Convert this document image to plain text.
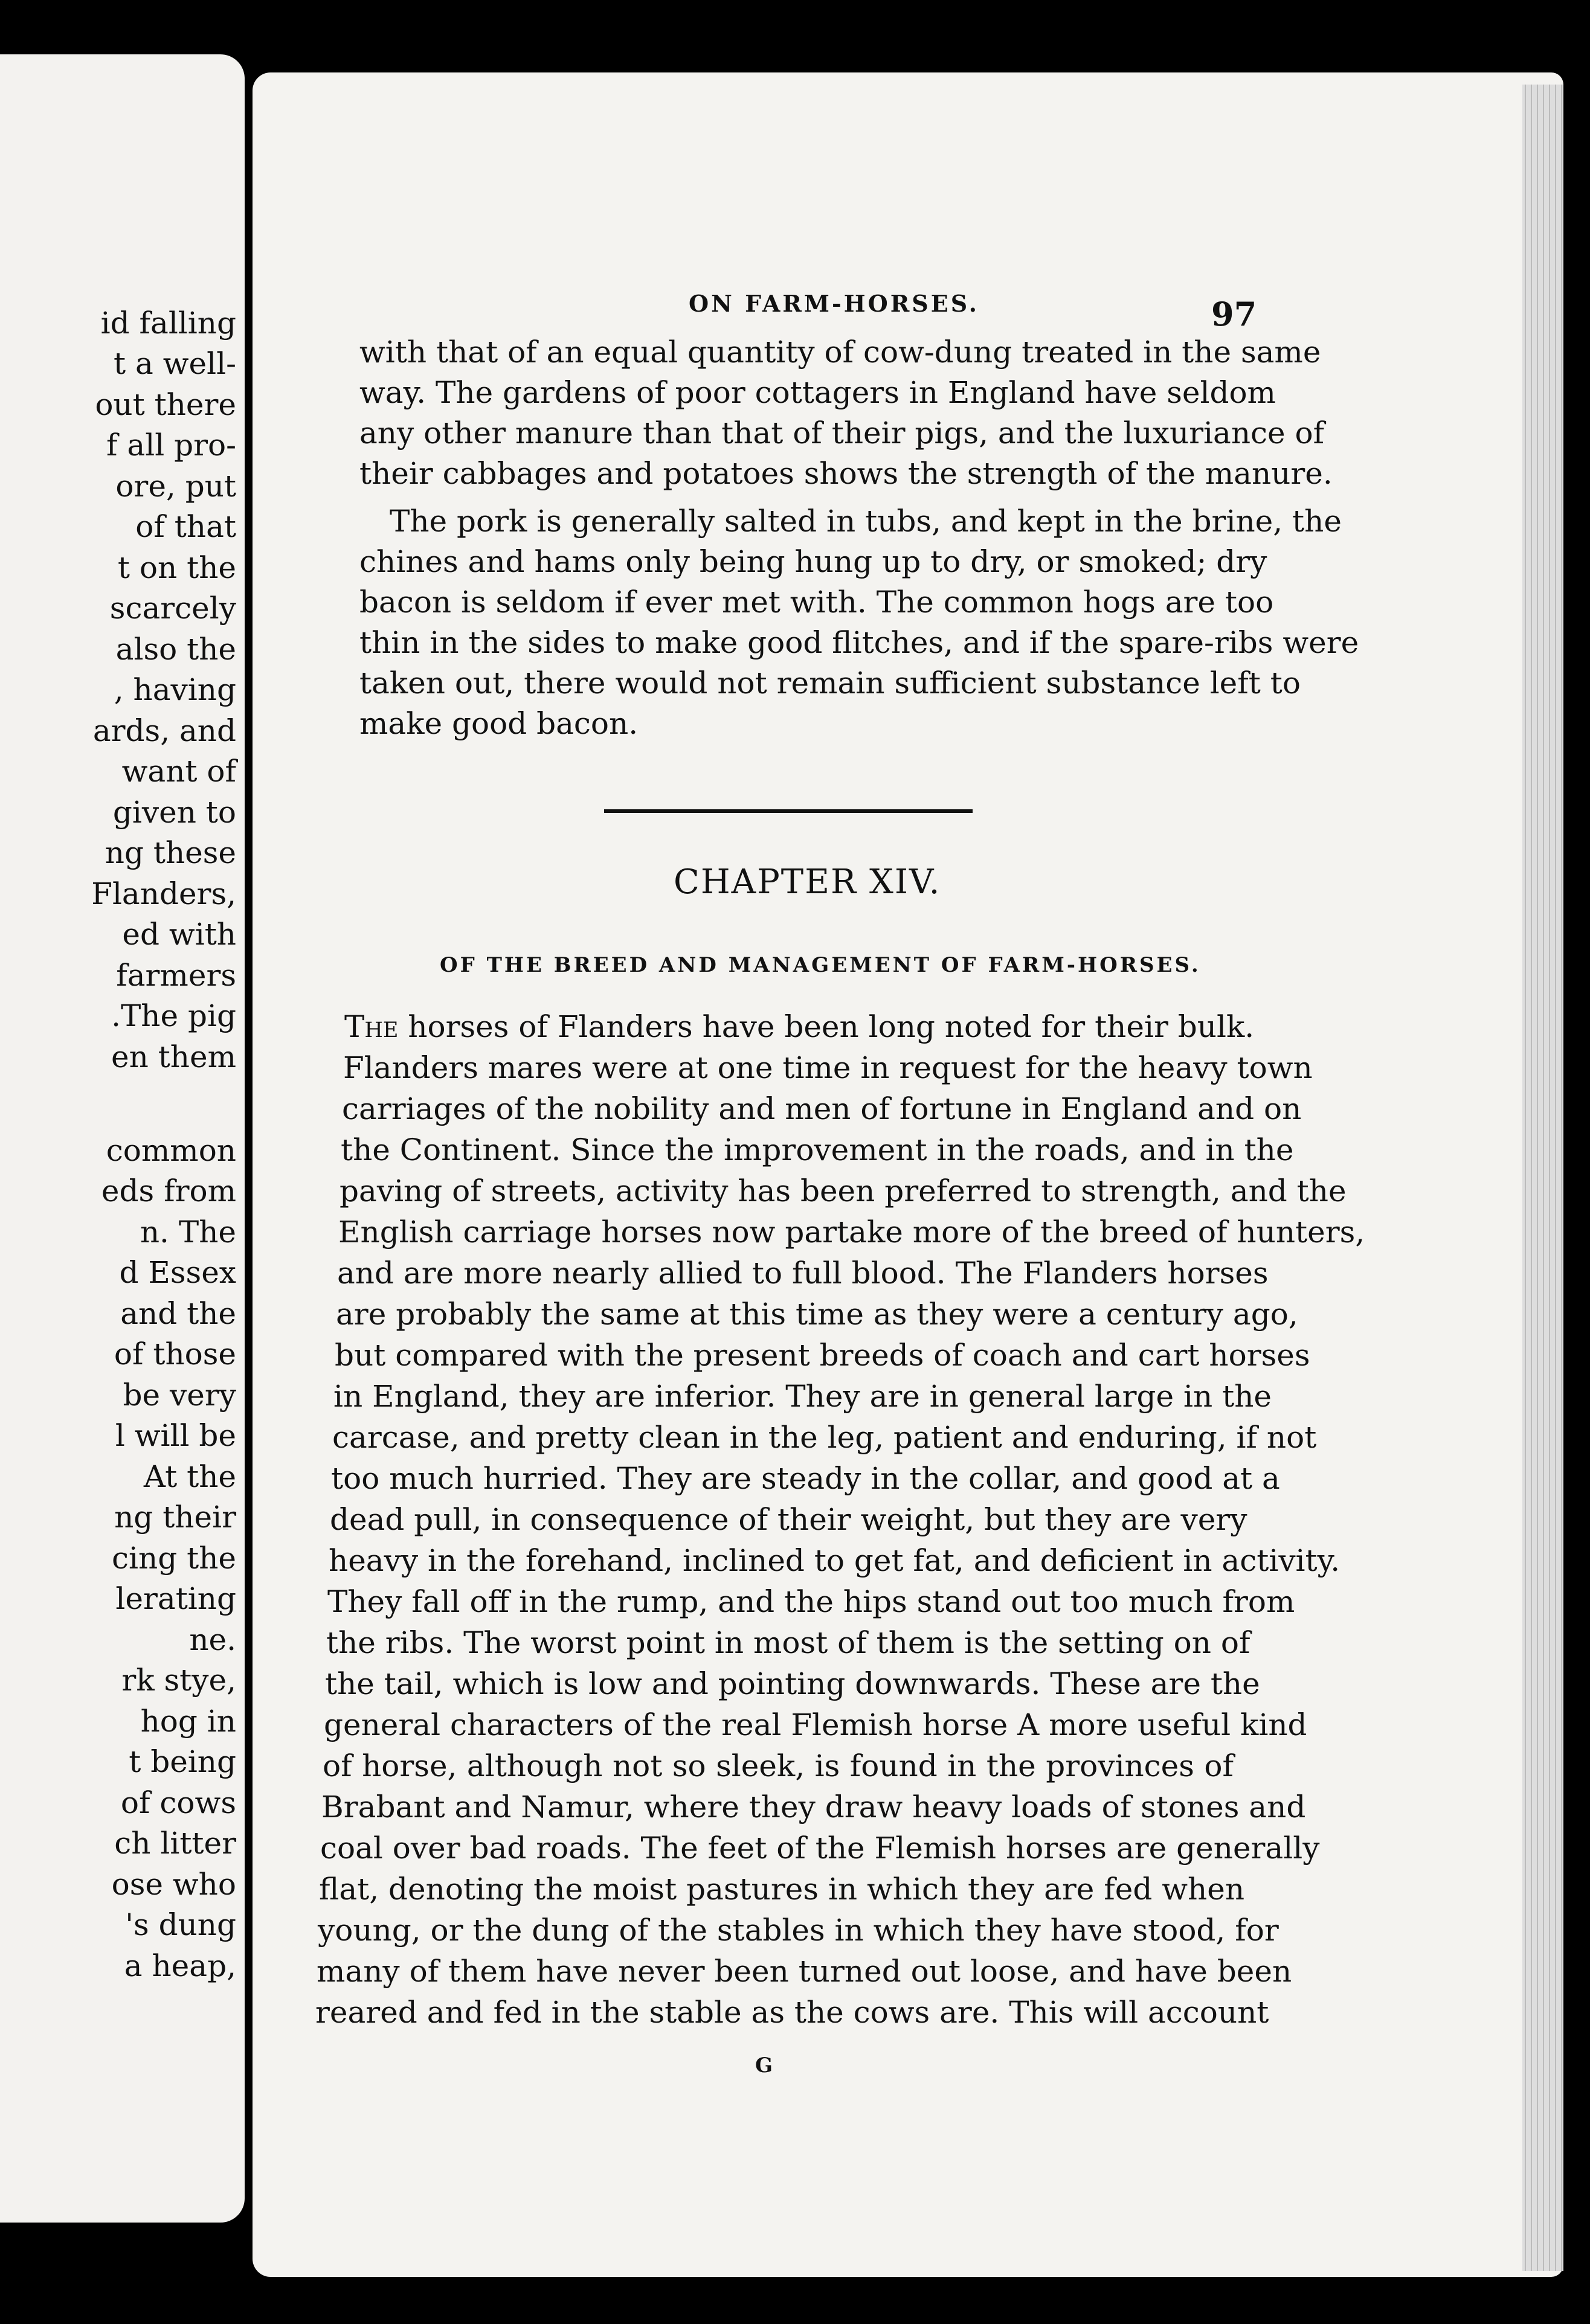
id falling
t a well-
out there
f all pro-
ore, put
of that
t on the
scarcely
also the
, having
ards, and
want of
given to
ng these
Flanders,
ed with
farmers
.The pig
en them
common
eds from
n. The
d Essex
and the
of those
be very
l will be
At the
ng their
cing the
lerating
ne.
rk stye,
hog in
t being
of cows
ch litter
ose who
's dung
a heap,
ON FARM-HORSES.	97
with that of an equal quantity of cow-dung treated in the same
way. The gardens of poor cottagers in England have seldom
any other manure than that of their pigs, and the luxuriance of
their cabbages and potatoes shows the strength of the manure.
The pork is generally salted in tubs, and kept in the brine, the
chines and hams only being hung up to dry, or smoked; dry
bacon is seldom if ever met with. The common hogs are too
thin in the sides to make good flitches, and if the spare-ribs were
taken out, there would not remain sufficient substance left to
make good bacon.
CHAPTER XIV.
OF THE BREED AND MANAGEMENT OF FARM-HORSES.
The horses of Flanders have been long noted for their bulk.
Flanders mares were at one time in request for the heavy town
carriages of the nobility and men of fortune in England and on
the Continent. Since the improvement in the roads, and in the
paving of streets, activity has been preferred to strength, and the
English carriage horses now partake more of the breed of hunters,
and are more nearly allied to full blood. The Flanders horses
are probably the same at this time as they were a century ago,
but compared with the present breeds of coach and cart horses
in England, they are inferior. They are in general large in the
carcase, and pretty clean in the leg, patient and enduring, if not
too much hurried. They are steady in the collar, and good at a
dead pull, in consequence of their weight, but they are very
heavy in the forehand, inclined to get fat, and deficient in activity.
They fall off in the rump, and the hips stand out too much from
the ribs. The worst point in most of them is the setting on of
the tail, which is low and pointing downwards. These are the
general characters of the real Flemish horse A more useful kind
of horse, although not so sleek, is found in the provinces of
Brabant and Namur, where they draw heavy loads of stones and
coal over bad roads. The feet of the Flemish horses are generally
flat, denoting the moist pastures in which they are fed when
young, or the dung of the stables in which they have stood, for
many of them have never been turned out loose, and have been
reared and fed in the stable as the cows are. This will account
G
